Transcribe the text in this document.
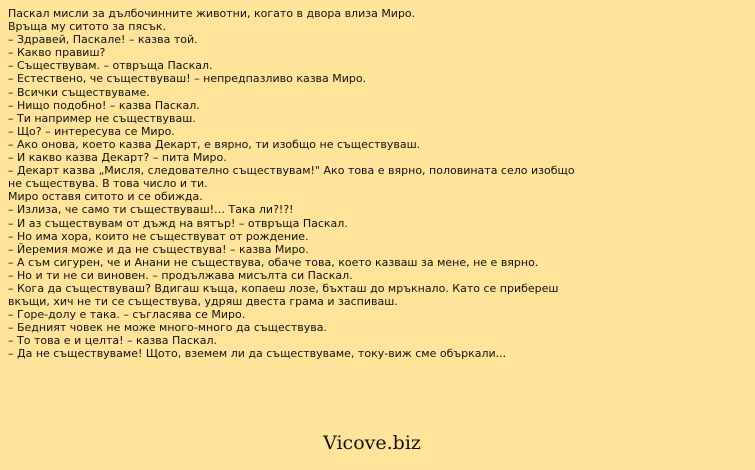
Паскал мисли за дълбочинните животни, когато в двора влиза Миро.
Връща му ситото за пясък.
– Здравей, Паскале! – казва той.
– Какво правиш?
– Съществувам. – отвръща Паскал.
– Естествено, че съществуваш! – непредпазливо казва Миро.
– Всички съществуваме.
– Нищо подобно! – казва Паскал.
– Ти например не съществуваш.
– Що? – интересува се Миро.
– Ако онова, което казва Декарт, е вярно, ти изобщо не съществуваш.
– И какво казва Декарт? – пита Миро.
– Декарт казва „Мисля, следователно съществувам!" Ако това е вярно, половината село изобщо
не съществува. В това число и ти.
Миро оставя ситото и се обижда.
– Излиза, че само ти съществуваш!… Така ли?!?!
– И аз съществувам от дъжд на вятър! – отвръща Паскал.
– Но има хора, които не съществуват от рождение.
– Йеремия може и да не съществува! – казва Миро.
– А съм сигурен, че и Анани не съществува, обаче това, което казваш за мене, не е вярно.
– Но и ти не си виновен. – продължава мисълта си Паскал.
– Кога да съществуваш? Вдигаш къща, копаеш лозе, бъхташ до мръкнало. Като се прибереш
вкъщи, хич не ти се съществува, удряш двеста грама и заспиваш.
– Горе-долу е така. – съгласява се Миро.
– Бедният човек не може много-много да съществува.
– То това е и целта! – казва Паскал.
– Да не съществуваме! Щото, вземем ли да съществуваме, току-виж сме объркали...
Vicove.biz
